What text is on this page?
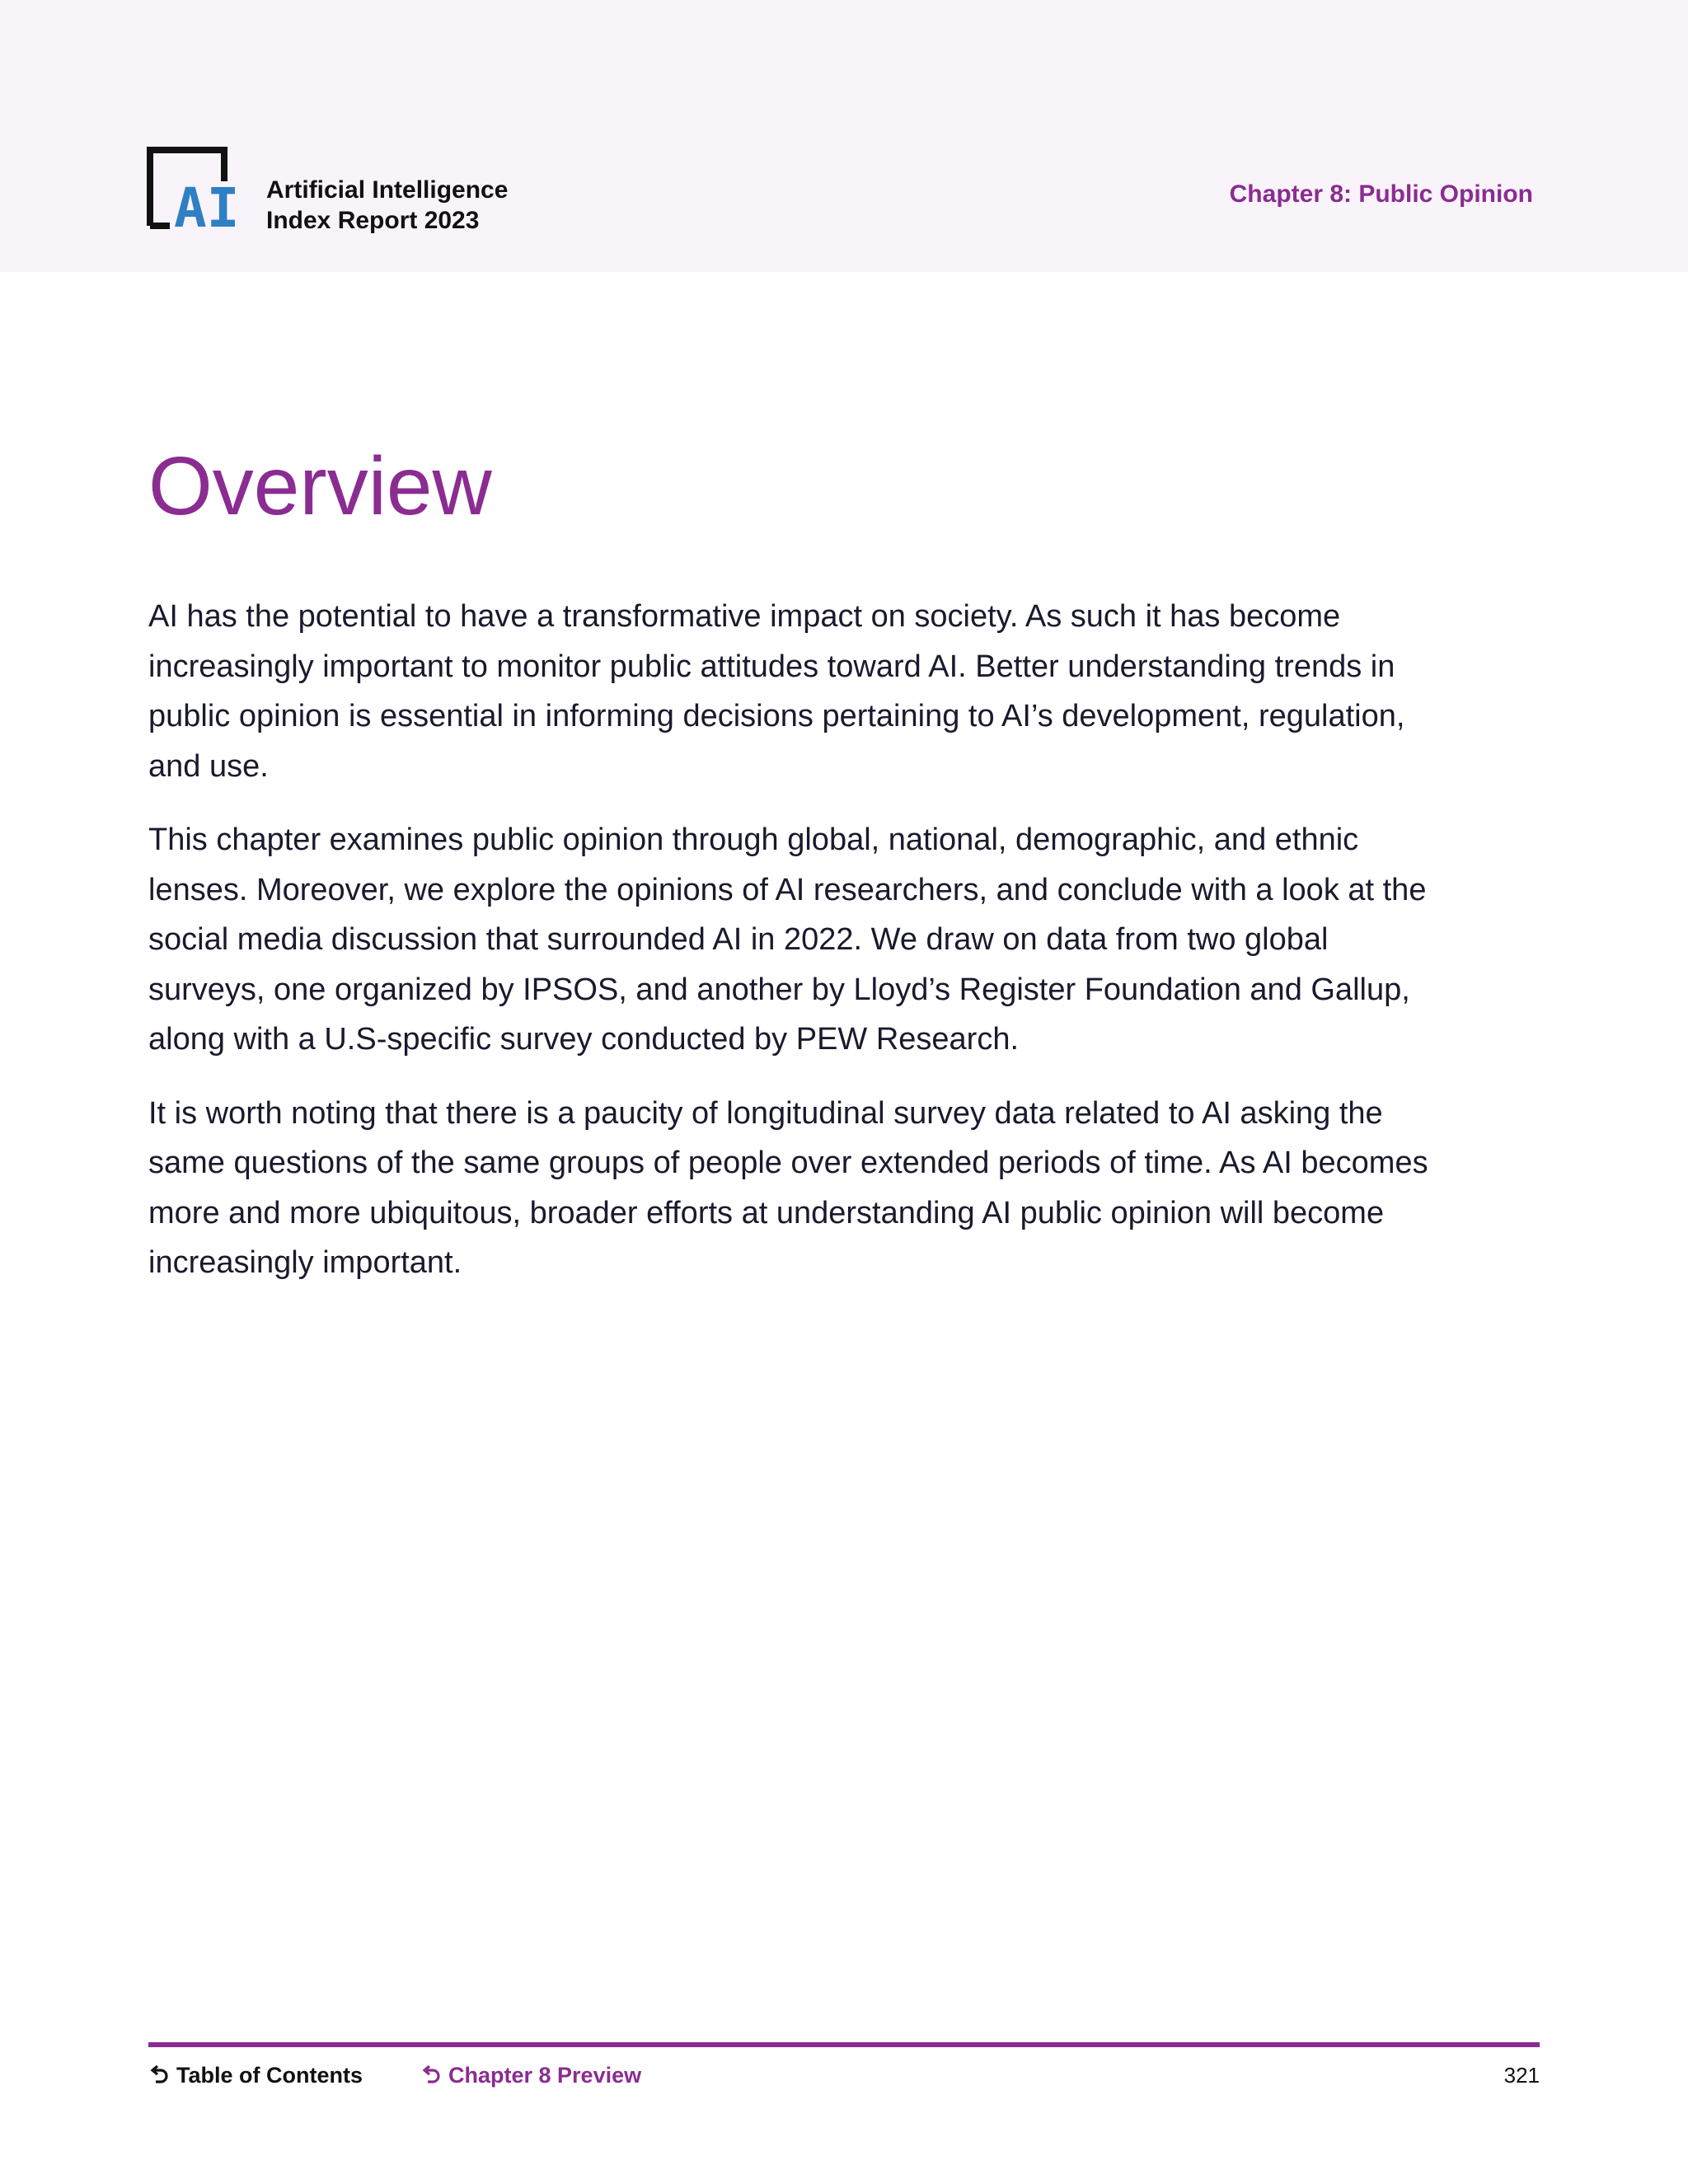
AI Artificial Intelligence
Index Report 2023
Chapter 8: Public Opinion
Overview

AI has the potential to have a transformative impact on society. As such it has become increasingly important to monitor public attitudes toward AI. Better understanding trends in public opinion is essential in informing decisions pertaining to AI’s development, regulation, and use.

This chapter examines public opinion through global, national, demographic, and ethnic lenses. Moreover, we explore the opinions of AI researchers, and conclude with a look at the social media discussion that surrounded AI in 2022. We draw on data from two global surveys, one organized by IPSOS, and another by Lloyd’s Register Foundation and Gallup, along with a U.S-specific survey conducted by PEW Research.

It is worth noting that there is a paucity of longitudinal survey data related to AI asking the same questions of the same groups of people over extended periods of time. As AI becomes more and more ubiquitous, broader efforts at understanding AI public opinion will become increasingly important.

Table of Contents	Chapter 8 Preview	321
